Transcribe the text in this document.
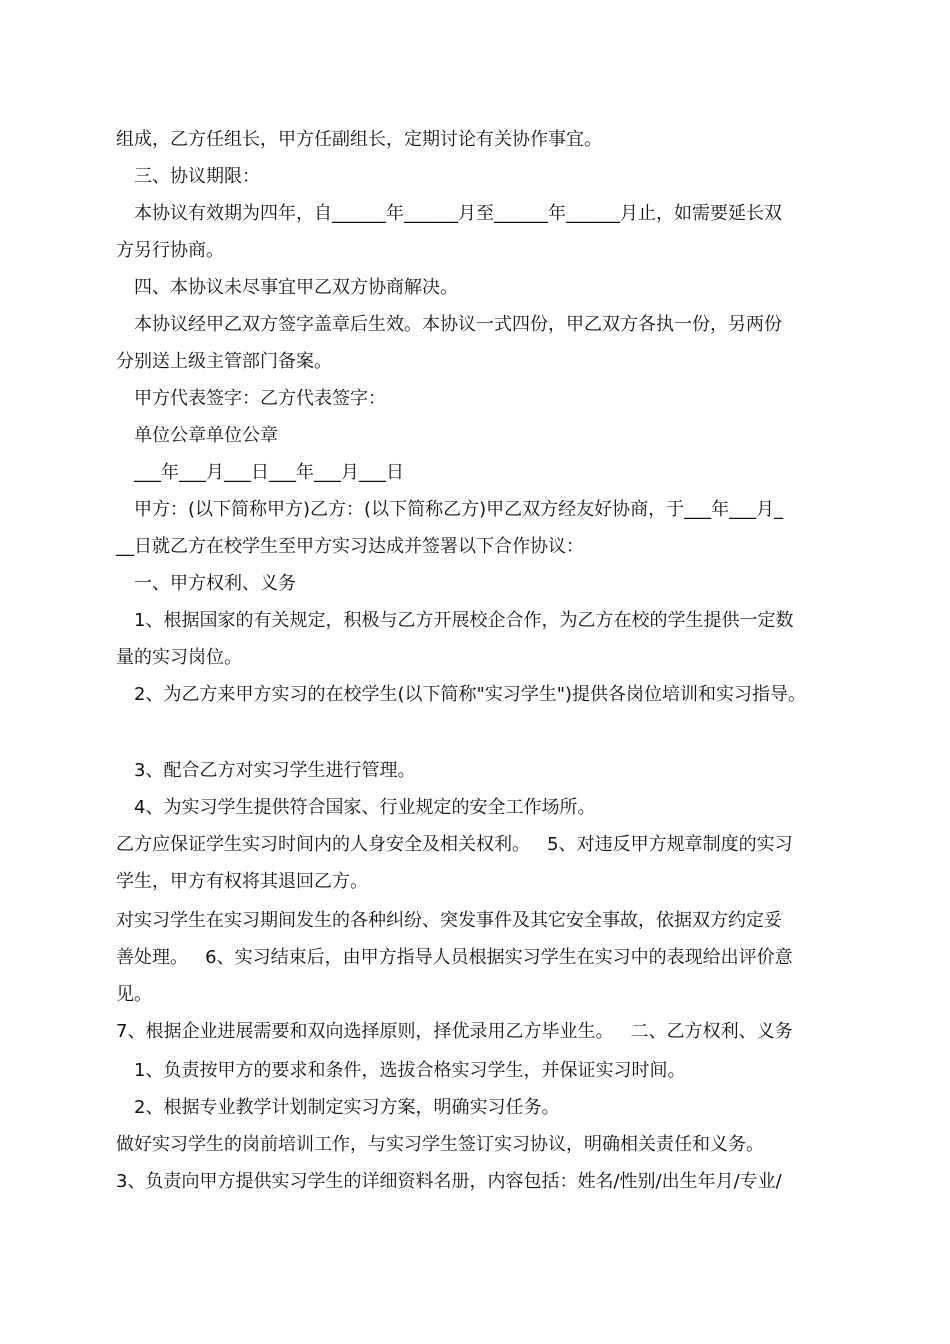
组成，乙方任组长，甲方任副组长，定期讨论有关协作事宜。
三、协议期限：
本协议有效期为四年，自______年______月至______年______月止，如需要延长双
方另行协商。
四、本协议未尽事宜甲乙双方协商解决。
本协议经甲乙双方签字盖章后生效。本协议一式四份，甲乙双方各执一份，另两份
分别送上级主管部门备案。
甲方代表签字：乙方代表签字：
单位公章单位公章
___年___月___日___年___月___日
甲方：(以下简称甲方)乙方：(以下简称乙方)甲乙双方经友好协商，于___年___月_
__日就乙方在校学生至甲方实习达成并签署以下合作协议：
一、甲方权利、义务
1、根据国家的有关规定，积极与乙方开展校企合作，为乙方在校的学生提供一定数
量的实习岗位。
2、为乙方来甲方实习的在校学生(以下简称"实习学生")提供各岗位培训和实习指导。
3、配合乙方对实习学生进行管理。
4、为实习学生提供符合国家、行业规定的安全工作场所。
乙方应保证学生实习时间内的人身安全及相关权利。   5、对违反甲方规章制度的实习
学生，甲方有权将其退回乙方。
对实习学生在实习期间发生的各种纠纷、突发事件及其它安全事故，依据双方约定妥
善处理。   6、实习结束后，由甲方指导人员根据实习学生在实习中的表现给出评价意
见。
7、根据企业进展需要和双向选择原则，择优录用乙方毕业生。   二、乙方权利、义务
1、负责按甲方的要求和条件，选拔合格实习学生，并保证实习时间。
2、根据专业教学计划制定实习方案，明确实习任务。
做好实习学生的岗前培训工作，与实习学生签订实习协议，明确相关责任和义务。
3、负责向甲方提供实习学生的详细资料名册，内容包括：姓名/性别/出生年月/专业/
